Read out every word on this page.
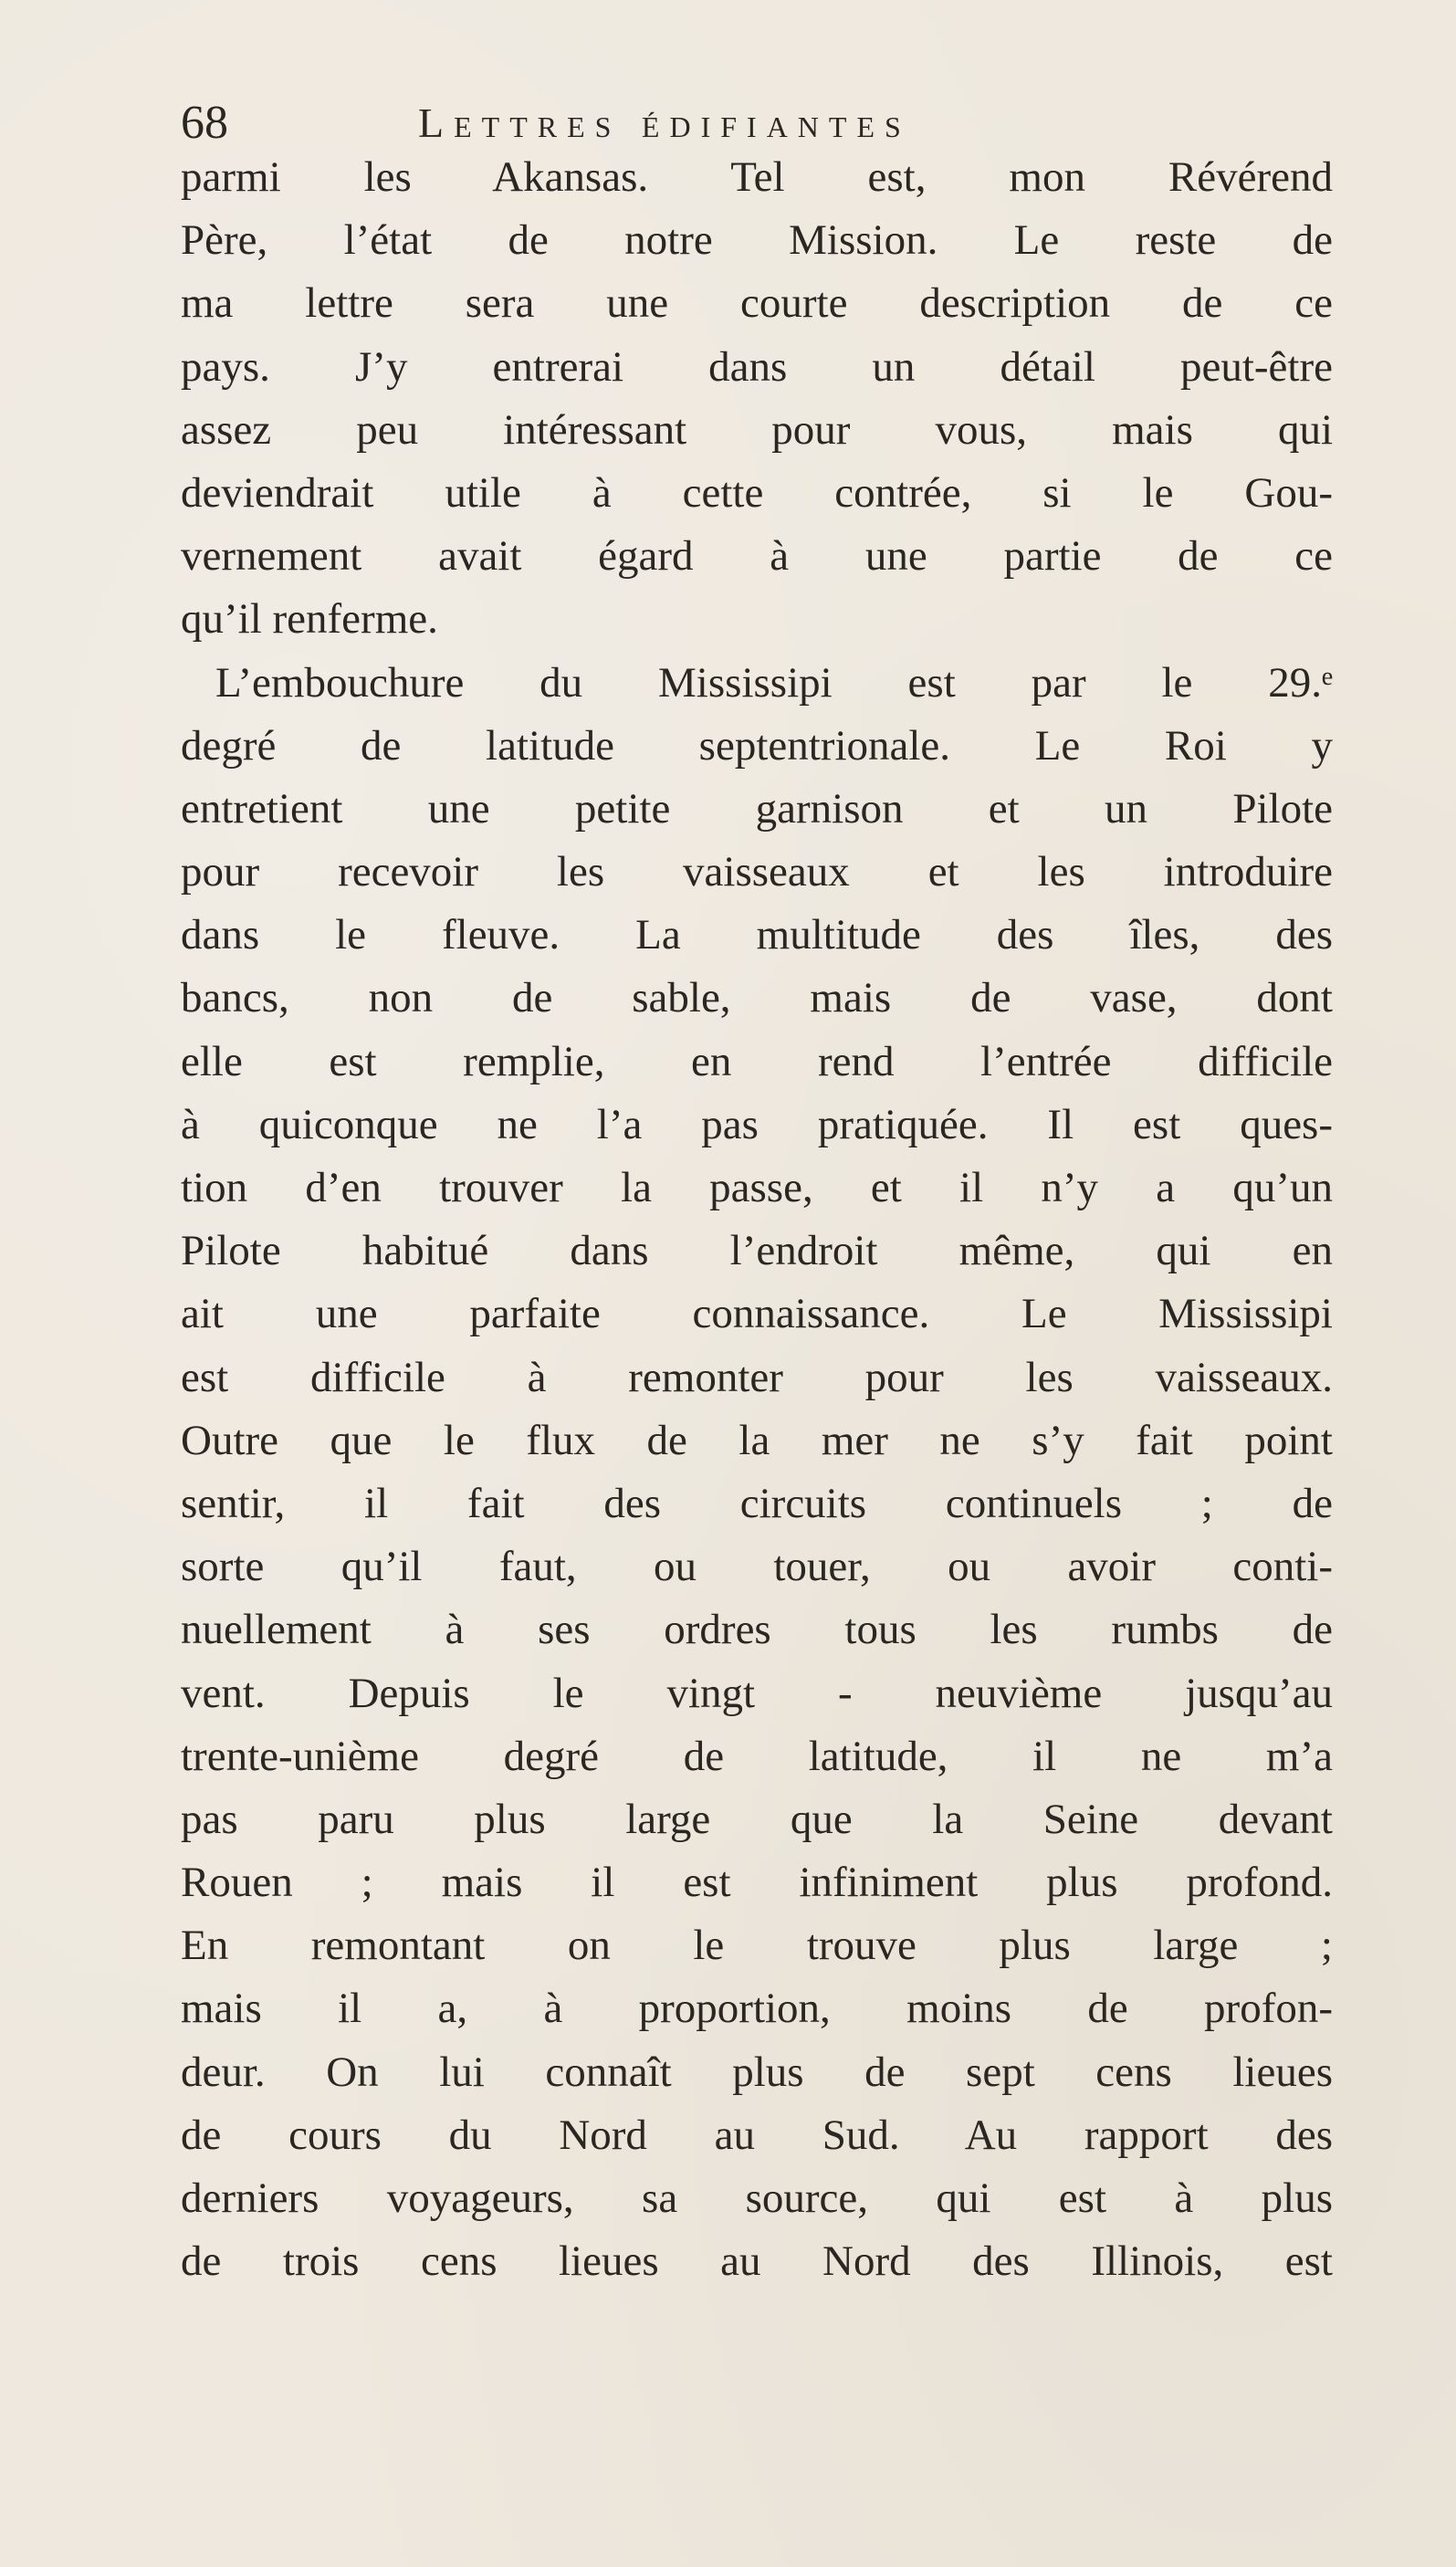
68	Lettres édifiantes
parmi les Akansas. Tel est, mon Révérend
Père, l’état de notre Mission. Le reste de
ma lettre sera une courte description de ce
pays. J’y entrerai dans un détail peut-être
assez peu intéressant pour vous, mais qui
deviendrait utile à cette contrée, si le Gou-
vernement avait égard à une partie de ce
qu’il renferme.
L’embouchure du Mississipi est par le 29.ᵉ
degré de latitude septentrionale. Le Roi y
entretient une petite garnison et un Pilote
pour recevoir les vaisseaux et les introduire
dans le fleuve. La multitude des îles, des
bancs, non de sable, mais de vase, dont
elle est remplie, en rend l’entrée difficile
à quiconque ne l’a pas pratiquée. Il est ques-
tion d’en trouver la passe, et il n’y a qu’un
Pilote habitué dans l’endroit même, qui en
ait une parfaite connaissance. Le Mississipi
est difficile à remonter pour les vaisseaux.
Outre que le flux de la mer ne s’y fait point
sentir, il fait des circuits continuels ; de
sorte qu’il faut, ou touer, ou avoir conti-
nuellement à ses ordres tous les rumbs de
vent. Depuis le vingt - neuvième jusqu’au
trente-unième degré de latitude, il ne m’a
pas paru plus large que la Seine devant
Rouen ; mais il est infiniment plus profond.
En remontant on le trouve plus large ;
mais il a, à proportion, moins de profon-
deur. On lui connaît plus de sept cens lieues
de cours du Nord au Sud. Au rapport des
derniers voyageurs, sa source, qui est à plus
de trois cens lieues au Nord des Illinois, est
